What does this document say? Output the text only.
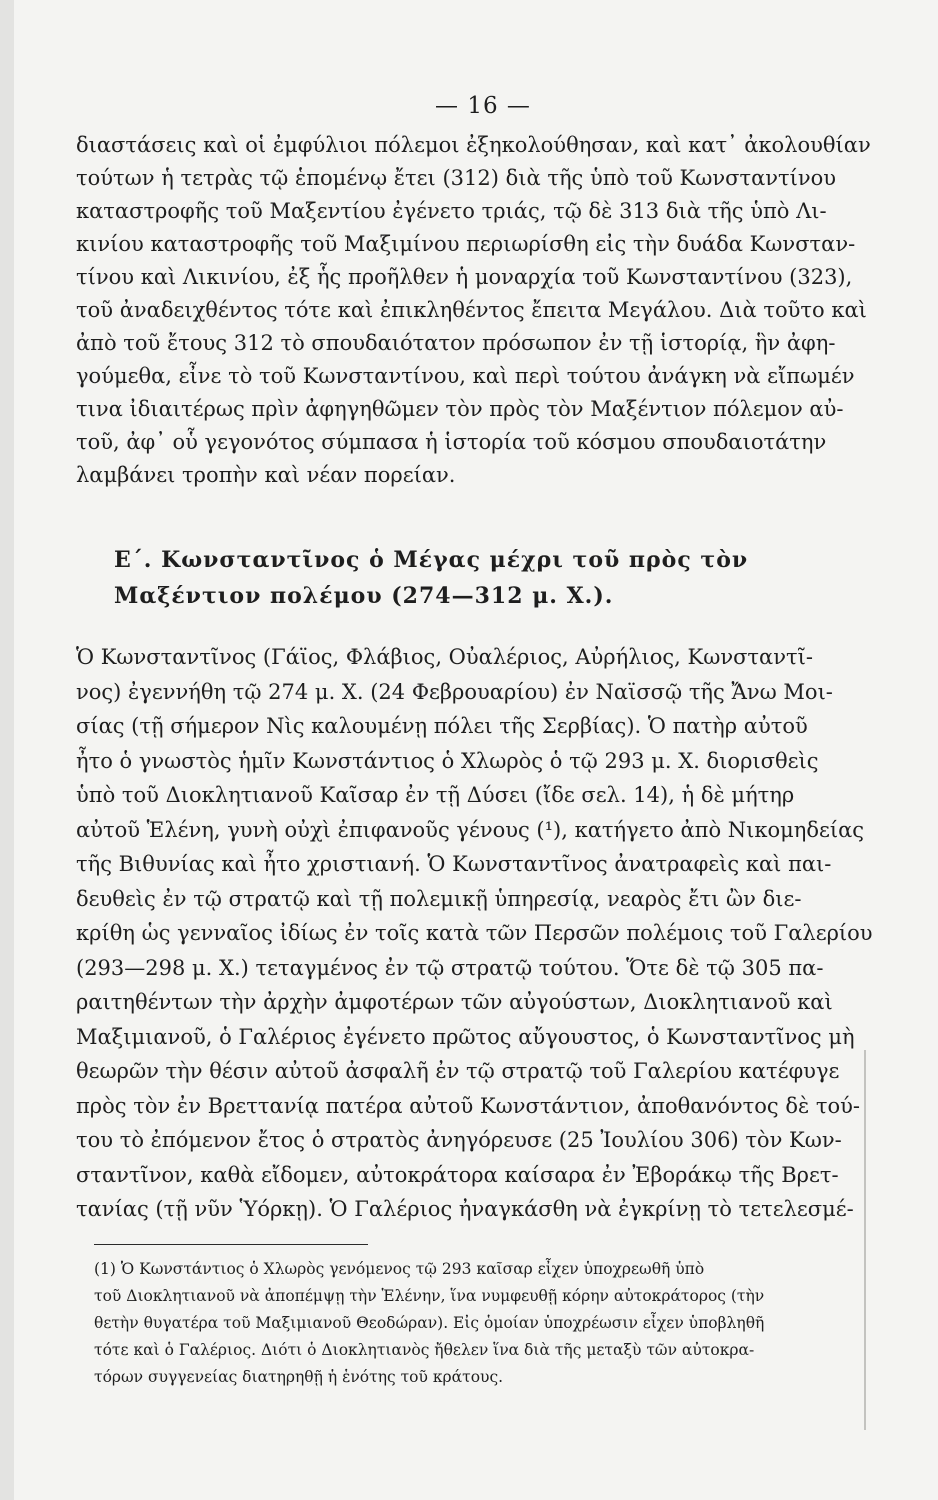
— 16 —
διαστάσεις καὶ οἱ ἐμφύλιοι πόλεμοι ἐξηκολούθησαν, καὶ κατ᾽ ἀκολουθίαν
τούτων ἡ τετρὰς τῷ ἑπομένῳ ἔτει (312) διὰ τῆς ὑπὸ τοῦ Κωνσταντίνου
καταστροφῆς τοῦ Μαξεντίου ἐγένετο τριάς, τῷ δὲ 313 διὰ τῆς ὑπὸ Λι-
κινίου καταστροφῆς τοῦ Μαξιμίνου περιωρίσθη εἰς τὴν δυάδα Κωνσταν-
τίνου καὶ Λικινίου, ἐξ ἧς προῆλθεν ἡ μοναρχία τοῦ Κωνσταντίνου (323),
τοῦ ἀναδειχθέντος τότε καὶ ἐπικληθέντος ἔπειτα Μεγάλου. Διὰ τοῦτο καὶ
ἀπὸ τοῦ ἔτους 312 τὸ σπουδαιότατον πρόσωπον ἐν τῇ ἱστορίᾳ, ἣν ἀφη-
γούμεθα, εἶνε τὸ τοῦ Κωνσταντίνου, καὶ περὶ τούτου ἀνάγκη νὰ εἴπωμέν
τινα ἰδιαιτέρως πρὶν ἀφηγηθῶμεν τὸν πρὸς τὸν Μαξέντιον πόλεμον αὐ-
τοῦ, ἀφ᾽ οὗ γεγονότος σύμπασα ἡ ἱστορία τοῦ κόσμου σπουδαιοτάτην
λαμβάνει τροπὴν καὶ νέαν πορείαν.
Ε´. Κωνσταντῖνος ὁ Μέγας μέχρι τοῦ πρὸς τὸν
Μαξέντιον πολέμου (274—312 μ. Χ.).
Ὁ Κωνσταντῖνος (Γάϊος, Φλάβιος, Οὐαλέριος, Αὐρήλιος, Κωνσταντῖ-
νος) ἐγεννήθη τῷ 274 μ. Χ. (24 Φεβρουαρίου) ἐν Ναϊσσῷ τῆς Ἄνω Μοι-
σίας (τῇ σήμερον Νὶς καλουμένῃ πόλει τῆς Σερβίας). Ὁ πατὴρ αὐτοῦ
ἦτο ὁ γνωστὸς ἡμῖν Κωνστάντιος ὁ Χλωρὸς ὁ τῷ 293 μ. Χ. διορισθεὶς
ὑπὸ τοῦ Διοκλητιανοῦ Καῖσαρ ἐν τῇ Δύσει (ἴδε σελ. 14), ἡ δὲ μήτηρ
αὐτοῦ Ἑλένη, γυνὴ οὐχὶ ἐπιφανοῦς γένους (¹), κατήγετο ἀπὸ Νικομηδείας
τῆς Βιθυνίας καὶ ἦτο χριστιανή. Ὁ Κωνσταντῖνος ἀνατραφεὶς καὶ παι-
δευθεὶς ἐν τῷ στρατῷ καὶ τῇ πολεμικῇ ὑπηρεσίᾳ, νεαρὸς ἔτι ὢν διε-
κρίθη ὡς γενναῖος ἰδίως ἐν τοῖς κατὰ τῶν Περσῶν πολέμοις τοῦ Γαλερίου
(293—298 μ. Χ.) τεταγμένος ἐν τῷ στρατῷ τούτου. Ὅτε δὲ τῷ 305 πα-
ραιτηθέντων τὴν ἀρχὴν ἀμφοτέρων τῶν αὐγούστων, Διοκλητιανοῦ καὶ
Μαξιμιανοῦ, ὁ Γαλέριος ἐγένετο πρῶτος αὔγουστος, ὁ Κωνσταντῖνος μὴ
θεωρῶν τὴν θέσιν αὐτοῦ ἀσφαλῆ ἐν τῷ στρατῷ τοῦ Γαλερίου κατέφυγε
πρὸς τὸν ἐν Βρεττανίᾳ πατέρα αὐτοῦ Κωνστάντιον, ἀποθανόντος δὲ τού-
του τὸ ἐπόμενον ἔτος ὁ στρατὸς ἀνηγόρευσε (25 Ἰουλίου 306) τὸν Κων-
σταντῖνον, καθὰ εἴδομεν, αὐτοκράτορα καίσαρα ἐν Ἐβοράκῳ τῆς Βρετ-
τανίας (τῇ νῦν Ὑόρκῃ). Ὁ Γαλέριος ἠναγκάσθη νὰ ἐγκρίνῃ τὸ τετελεσμέ-
(1) Ὁ Κωνστάντιος ὁ Χλωρὸς γενόμενος τῷ 293 καῖσαρ εἶχεν ὑποχρεωθῆ ὑπὸ
τοῦ Διοκλητιανοῦ νὰ ἀποπέμψῃ τὴν Ἑλένην, ἵνα νυμφευθῇ κόρην αὐτοκράτορος (τὴν
θετὴν θυγατέρα τοῦ Μαξιμιανοῦ Θεοδώραν). Εἰς ὁμοίαν ὑποχρέωσιν εἶχεν ὑποβληθῆ
τότε καὶ ὁ Γαλέριος. Διότι ὁ Διοκλητιανὸς ἤθελεν ἵνα διὰ τῆς μεταξὺ τῶν αὐτοκρα-
τόρων συγγενείας διατηρηθῇ ἡ ἑνότης τοῦ κράτους.
